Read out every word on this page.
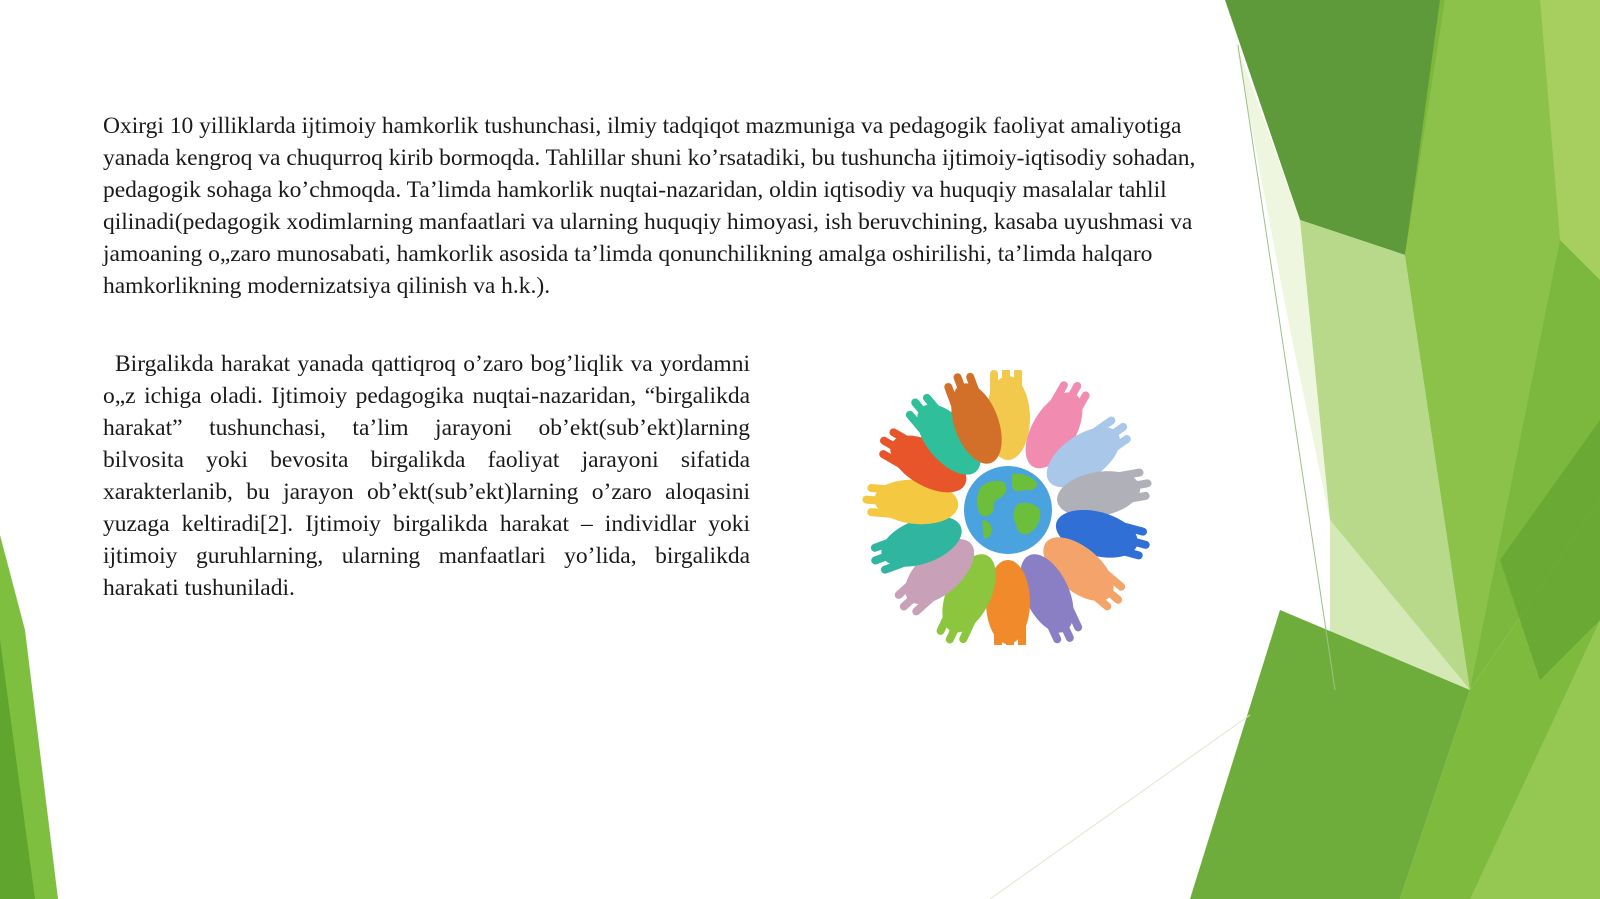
Oxirgi 10 yilliklarda ijtimoiy hamkorlik tushunchasi, ilmiy tadqiqot mazmuniga va pedagogik faoliyat amaliyotiga yanada kengroq va chuqurroq kirib bormoqda. Tahlillar shuni ko’rsatadiki, bu tushuncha ijtimoiy-iqtisodiy sohadan, pedagogik sohaga ko’chmoqda. Ta’limda hamkorlik nuqtai-nazaridan, oldin iqtisodiy va huquqiy masalalar tahlil qilinadi(pedagogik xodimlarning manfaatlari va ularning huquqiy himoyasi, ish beruvchining, kasaba uyushmasi va jamoaning o„zaro munosabati, hamkorlik asosida ta’limda qonunchilikning amalga oshirilishi, ta’limda halqaro hamkorlikning modernizatsiya qilinish va h.k.).

Birgalikda harakat yanada qattiqroq o’zaro bog’liqlik va yordamni o„z ichiga oladi. Ijtimoiy pedagogika nuqtai-nazaridan, “birgalikda harakat” tushunchasi, ta’lim jarayoni ob’ekt(sub’ekt)larning bilvosita yoki bevosita birgalikda faoliyat jarayoni sifatida xarakterlanib, bu jarayon ob’ekt(sub’ekt)larning o’zaro aloqasini yuzaga keltiradi[2]. Ijtimoiy birgalikda harakat – individlar yoki ijtimoiy guruhlarning, ularning manfaatlari yo’lida, birgalikda harakati tushuniladi.
